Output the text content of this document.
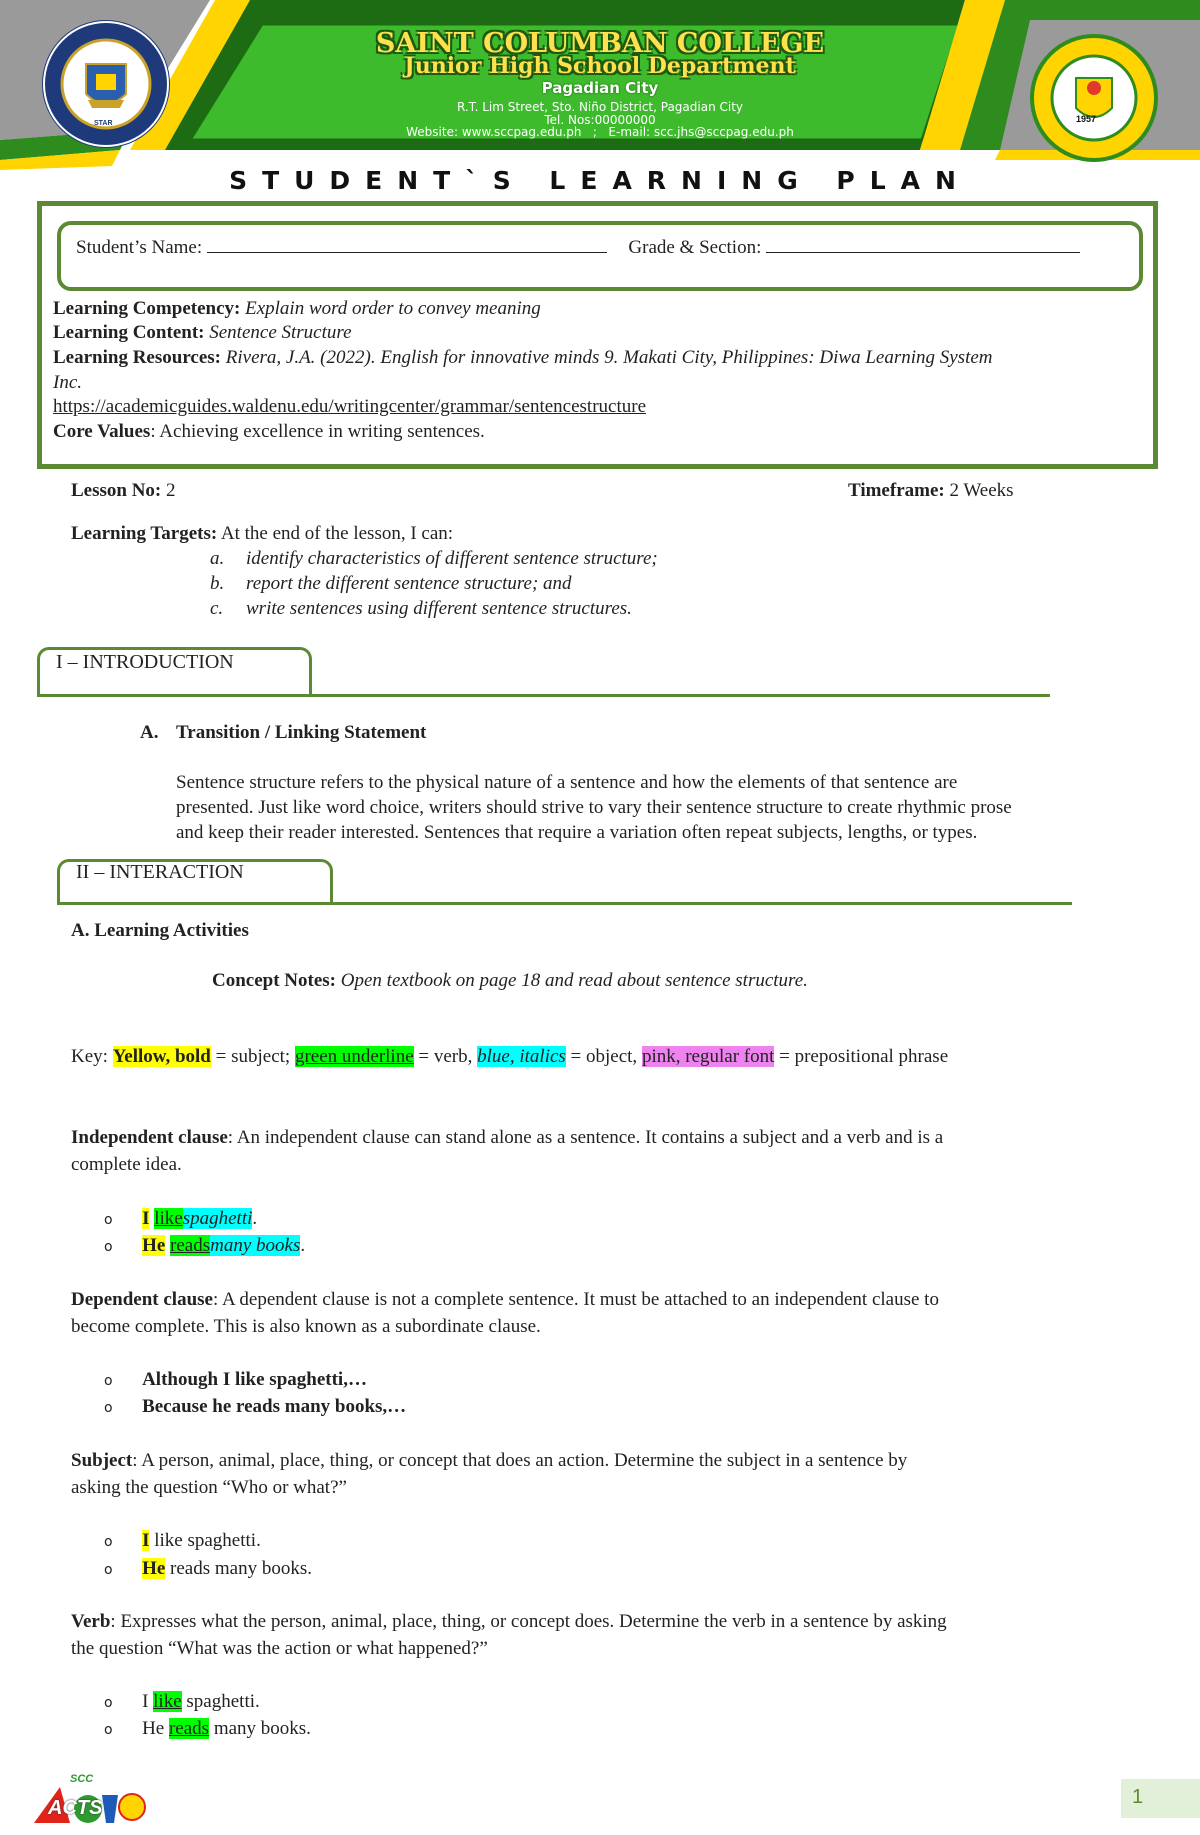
STAR	1957
SAINT COLUMBAN COLLEGE
Junior High School Department
Pagadian City
R.T. Lim Street, Sto. Niño District, Pagadian City
Tel. Nos:00000000
Website: www.sccpag.edu.ph   ;   E-mail: scc.jhs@sccpag.edu.ph
STUDENT`S LEARNING PLAN
Student’s Name:	Grade & Section:
Learning Competency: Explain word order to convey meaning
Learning Content: Sentence Structure
Learning Resources: Rivera, J.A. (2022). English for innovative minds 9. Makati City, Philippines: Diwa Learning System
Inc.
https://academicguides.waldenu.edu/writingcenter/grammar/sentencestructure
Core Values: Achieving excellence in writing sentences.
Lesson No: 2	Timeframe: 2 Weeks
Learning Targets: At the end of the lesson, I can:
a. identify characteristics of different sentence structure;
b. report the different sentence structure; and
c. write sentences using different sentence structures.
I – INTRODUCTION
A. Transition / Linking Statement
Sentence structure refers to the physical nature of a sentence and how the elements of that sentence are
presented. Just like word choice, writers should strive to vary their sentence structure to create rhythmic prose
and keep their reader interested. Sentences that require a variation often repeat subjects, lengths, or types.
II – INTERACTION
A. Learning Activities
Concept Notes: Open textbook on page 18 and read about sentence structure.
Key: Yellow, bold = subject; green underline = verb, blue, italics = object, pink, regular font = prepositional phrase
Independent clause: An independent clause can stand alone as a sentence. It contains a subject and a verb and is a
complete idea.
o I likespaghetti.
o He readsmany books.
Dependent clause: A dependent clause is not a complete sentence. It must be attached to an independent clause to
become complete. This is also known as a subordinate clause.
o Although I like spaghetti,…
o Because he reads many books,…
Subject: A person, animal, place, thing, or concept that does an action. Determine the subject in a sentence by
asking the question “Who or what?”
o I like spaghetti.
o He reads many books.
Verb: Expresses what the person, animal, place, thing, or concept does. Determine the verb in a sentence by asking
the question “What was the action or what happened?”
o I like spaghetti.
o He reads many books.
SCC
ACTS	1
